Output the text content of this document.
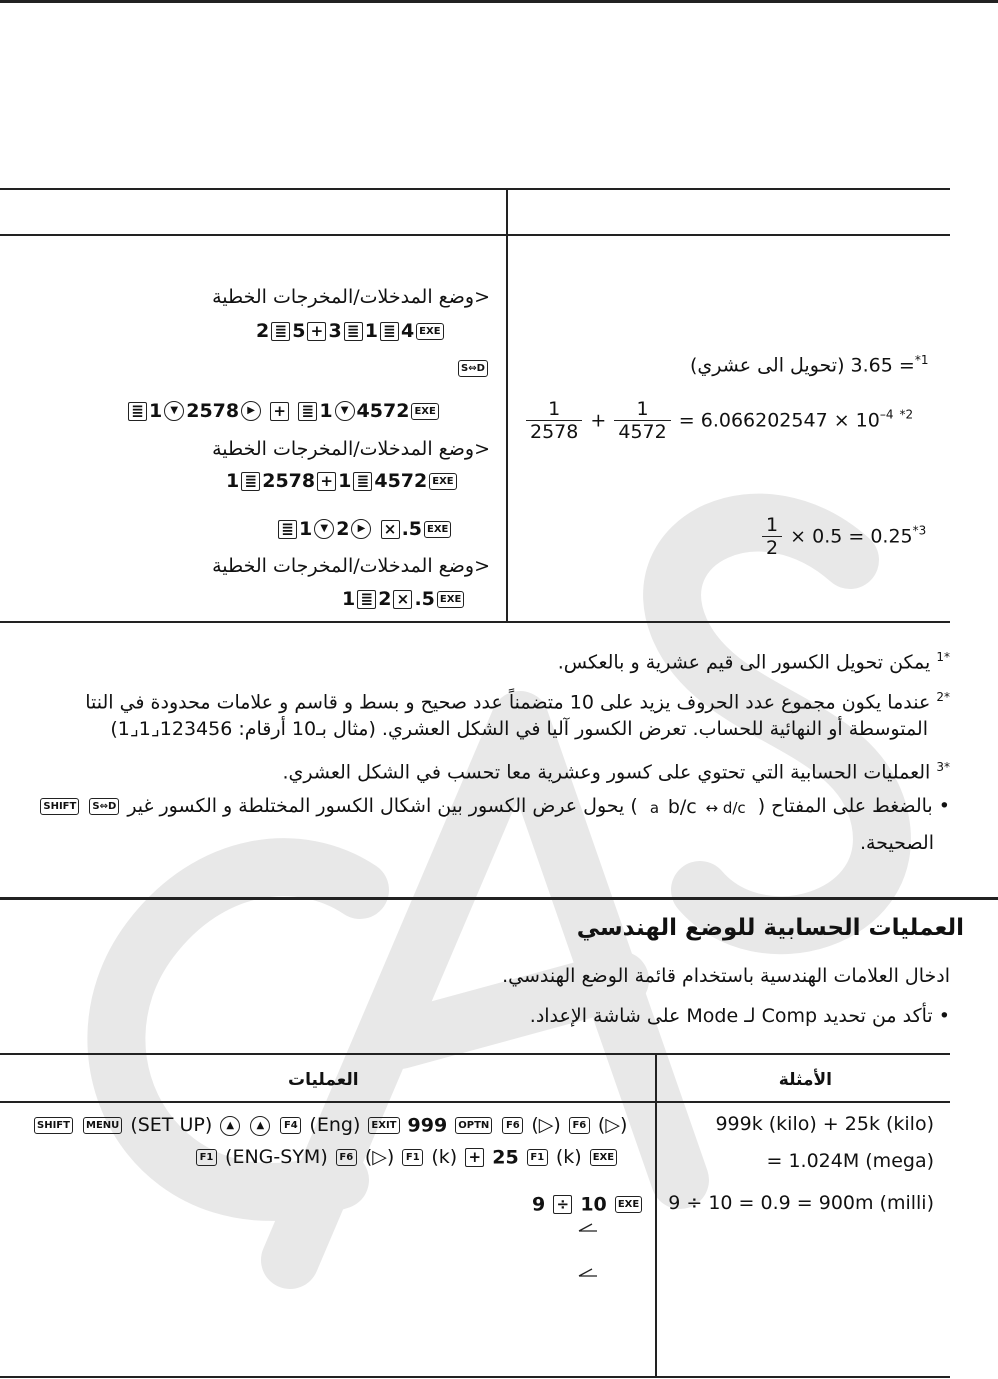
<وضع المدخلات/المخرجات الخطية
2 ≣ 5 + 3 ≣ 1 ≣ 4 EXE
S⇔D
≣ 1 ▼ 2578 ▶ + ≣ 1 ▼ 4572 EXE
<وضع المدخلات/المخرجات الخطية
1 ≣ 2578 + 1 ≣ 4572 EXE
≣ 1 ▼ 2 ▶ × .5 EXE
<وضع المدخلات/المخرجات الخطية
1 ≣ 2 × .5 EXE
= 3.65 (تحويل الى عشري)$^{*1}$
$\frac{1}{2578} + \frac{1}{4572} = 6.066202547 \times 10^{-4}$ $^{*2}$
$\frac{1}{2} \times 0.5 = 0.25^{*3}$
$^{*1}$ يمكن تحويل الكسور الى قيم عشرية و بالعكس.
$^{*2}$ عندما يكون مجموع عدد الحروف يزيد على 10 متضمناً عدد صحيح و بسط و قاسم و علامات محدودة في النتا
المتوسطة أو النهائية للحساب. تعرض الكسور آليا في الشكل العشري. (مثال بـ10 أرقام: 123456⌟1⌟1)
$^{*3}$ العمليات الحسابية التي تحتوي على كسور وعشرية معا تحسب في الشكل العشري.
• بالضغط على المفتاح (
a b/c ↔ d/c
) يحول عرض الكسور بين اشكال الكسور المختلطة و الكسور غير S⇔D SHIFT
الصحيحة.
العمليات الحسابية للوضع الهندسي
ادخال العلامات الهندسية باستخدام قائمة الوضع الهندسي.
• تأكد من تحديد Comp لـ Mode على شاشة الإعداد.
العمليات	الأمثلة
999k (kilo) + 25k (kilo)
= 1.024M (mega)
9 ÷ 10 = 0.9 = 900m (milli)
SHIFT MENU (SET UP) ▲ ▲ F4 (Eng) EXIT 999 OPTN F6 (▷) F6 (▷)
F1 (ENG-SYM) F6 (▷) F1 (k) + 25 F1 (k) EXE
9 ÷ 10 EXE
